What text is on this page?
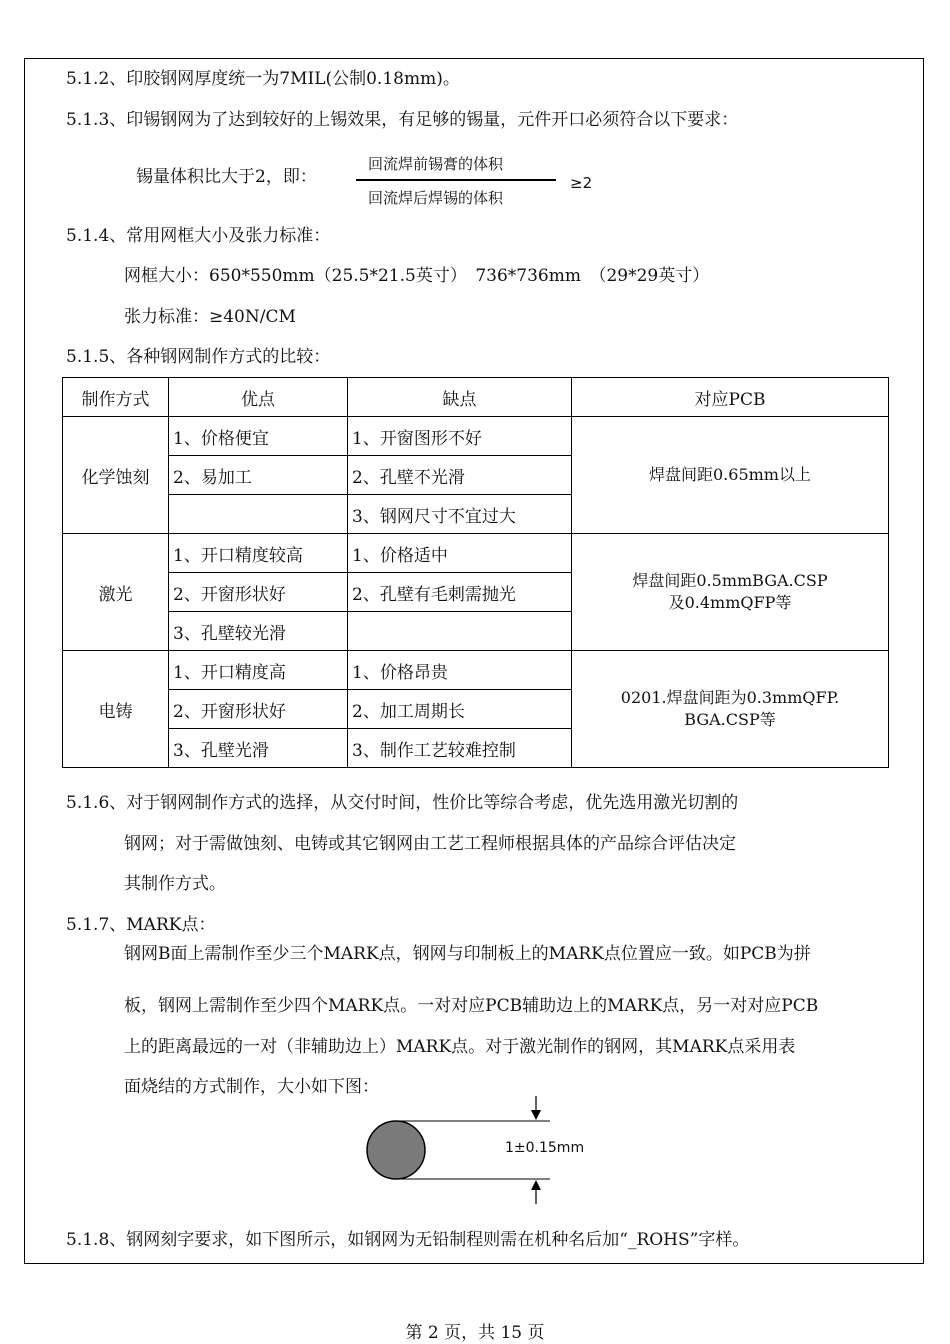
5.1.2、印胶钢网厚度统一为7MIL(公制0.18mm)。
5.1.3、印锡钢网为了达到较好的上锡效果，有足够的锡量，元件开口必须符合以下要求：
锡量体积比大于2，即：
回流焊前锡膏的体积
回流焊后焊锡的体积
≥2
5.1.4、常用网框大小及张力标准：
网框大小：650*550mm（25.5*21.5英寸）　736*736mm　（29*29英寸）
张力标准：≥40N/CM
5.1.5、各种钢网制作方式的比较：
制作方式	优点	缺点	对应PCB
化学蚀刻	1、价格便宜	1、开窗图形不好	焊盘间距0.65mm以上

	2、易加工	2、孔壁不光滑	
		3、钢网尺寸不宜过大	
激光	1、开口精度较高	1、价格适中	焊盘间距0.5mmBGA.CSP
及0.4mmQFP等

	2、开窗形状好	2、孔壁有毛刺需抛光	
	3、孔壁较光滑		
电铸	1、开口精度高	1、价格昂贵	0201.焊盘间距为0.3mmQFP.
BGA.CSP等

	2、开窗形状好	2、加工周期长	
	3、孔壁光滑	3、制作工艺较难控制	
5.1.6、对于钢网制作方式的选择，从交付时间，性价比等综合考虑，优先选用激光切割的
钢网；对于需做蚀刻、电铸或其它钢网由工艺工程师根据具体的产品综合评估决定
其制作方式。
5.1.7、MARK点：
钢网B面上需制作至少三个MARK点，钢网与印制板上的MARK点位置应一致。如PCB为拼
板，钢网上需制作至少四个MARK点。一对对应PCB辅助边上的MARK点，另一对对应PCB
上的距离最远的一对（非辅助边上）MARK点。对于激光制作的钢网，其MARK点采用表
面烧结的方式制作，大小如下图：
1±0.15mm
5.1.8、钢网刻字要求，如下图所示，如钢网为无铅制程则需在机种名后加“_ROHS”字样。
第 2 页，共 15 页
